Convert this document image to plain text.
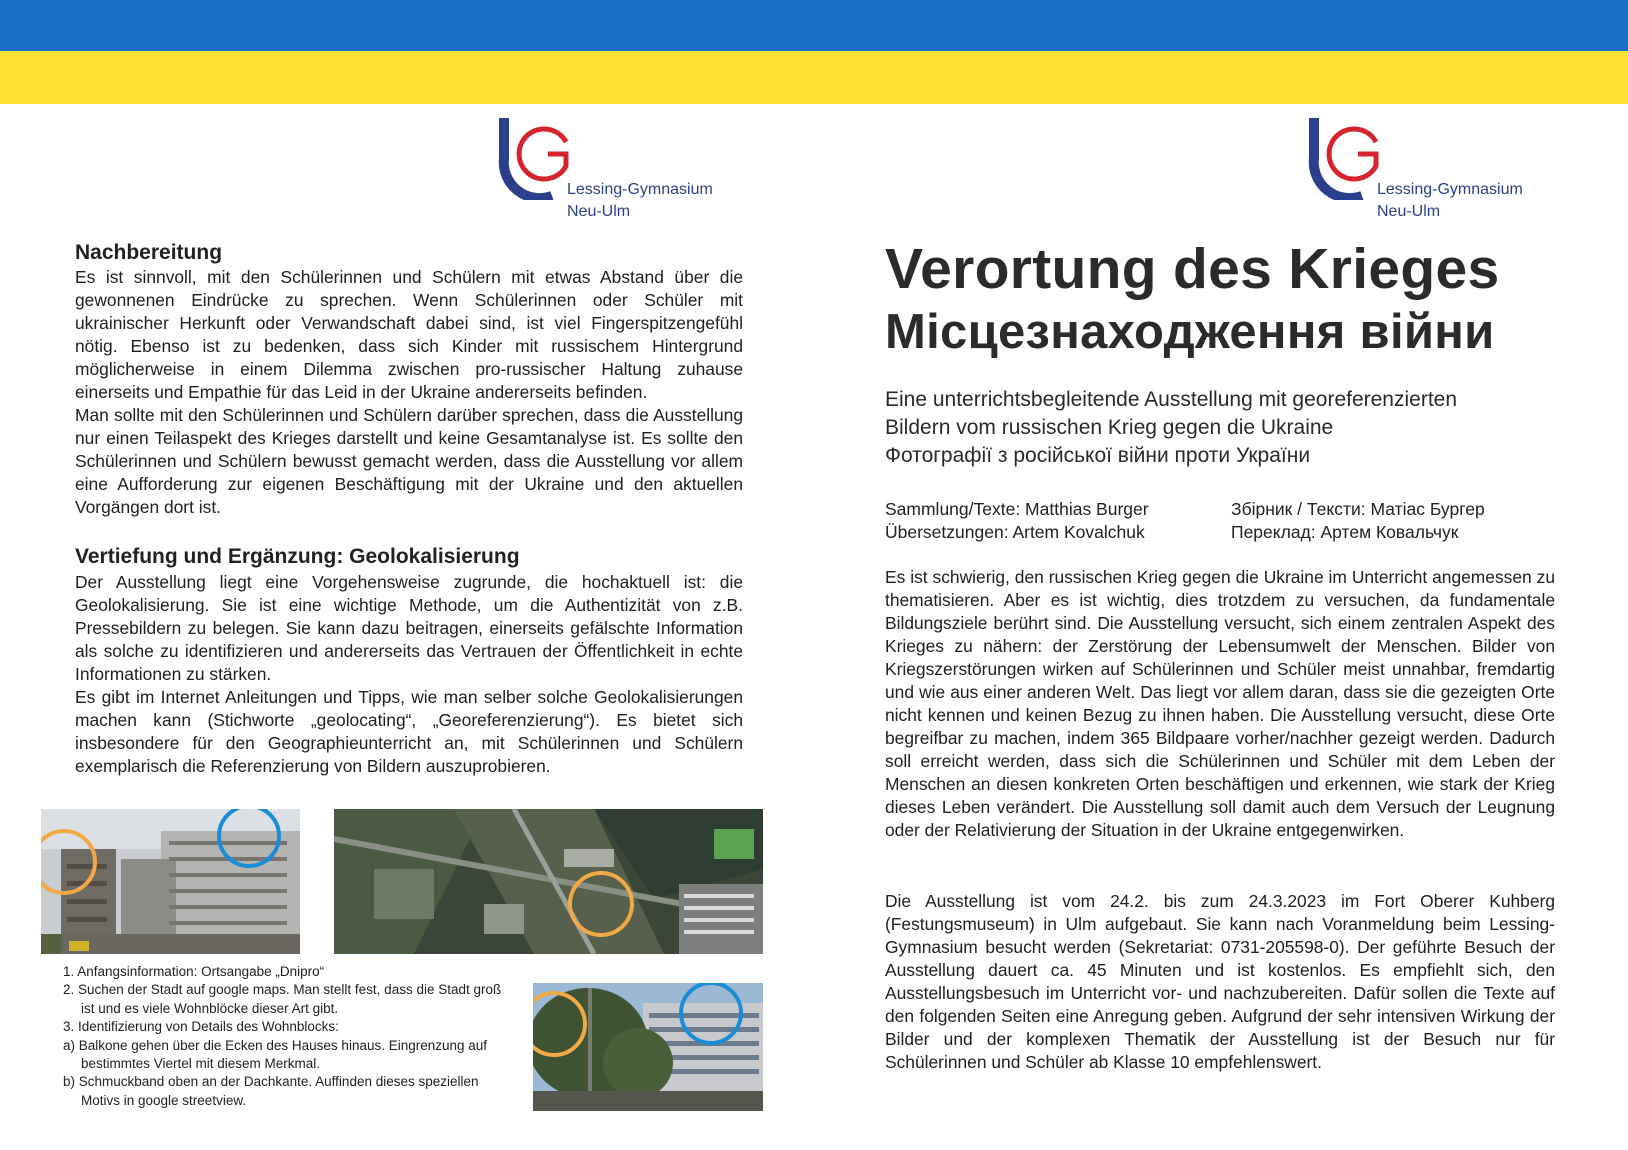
Lessing-Gymnasium
Neu-Ulm
Lessing-Gymnasium
Neu-Ulm
Nachbereitung

Es ist sinnvoll, mit den Schülerinnen und Schülern mit etwas Abstand über die gewonnenen Eindrücke zu sprechen. Wenn Schülerinnen oder Schüler mit ukrainischer Herkunft oder Verwandschaft dabei sind, ist viel Fingerspitzengefühl nötig. Ebenso ist zu bedenken, dass sich Kinder mit russischem Hintergrund möglicherweise in einem Dilemma zwischen pro-russischer Haltung zuhause einerseits und Empathie für das Leid in der Ukraine andererseits befinden.

Man sollte mit den Schülerinnen und Schülern darüber sprechen, dass die Ausstellung nur einen Teilaspekt des Krieges darstellt und keine Gesamtanalyse ist. Es sollte den Schülerinnen und Schülern bewusst gemacht werden, dass die Ausstellung vor allem eine Aufforderung zur eigenen Beschäftigung mit der Ukraine und den aktuellen Vorgängen dort ist.

Vertiefung und Ergänzung: Geolokalisierung

Der Ausstellung liegt eine Vorgehensweise zugrunde, die hochaktuell ist: die Geolokalisierung. Sie ist eine wichtige Methode, um die Authentizität von z.B. Pressebildern zu belegen. Sie kann dazu beitragen, einerseits gefälschte Information als solche zu identifizieren und andererseits das Vertrauen der Öffentlichkeit in echte Informationen zu stärken.

Es gibt im Internet Anleitungen und Tipps, wie man selber solche Geolokalisierungen machen kann (Stichworte „geolocating“, „Georeferenzierung“). Es bietet sich insbesondere für den Geographieunterricht an, mit Schülerinnen und Schülern exemplarisch die Referenzierung von Bildern auszuprobieren.

1. Anfangsinformation: Ortsangabe „Dnipro“
2. Suchen der Stadt auf google maps. Man stellt fest, dass die Stadt groß ist und es viele Wohnblöcke dieser Art gibt.
3. Identifizierung von Details des Wohnblocks:
a) Balkone gehen über die Ecken des Hauses hinaus. Eingrenzung auf bestimmtes Viertel mit diesem Merkmal.
b) Schmuckband oben an der Dachkante. Auffinden dieses speziellen Motivs in google streetview.
Verortung des Krieges
Місцезнаходження війни
Eine unterrichtsbegleitende Ausstellung mit georeferenzierten
Bildern vom russischen Krieg gegen die Ukraine
Фотографії з російської війни проти України
Sammlung/Texte: Matthias Burger
Übersetzungen: Artem Kovalchuk
Збірник / Тексти: Матіас Бургер
Переклад: Артем Ковальчук

Es ist schwierig, den russischen Krieg gegen die Ukraine im Unterricht angemessen zu thematisieren. Aber es ist wichtig, dies trotzdem zu versuchen, da fundamentale Bildungsziele berührt sind. Die Ausstellung versucht, sich einem zentralen Aspekt des Krieges zu nähern: der Zerstörung der Lebensumwelt der Menschen. Bilder von Kriegszerstörungen wirken auf Schülerinnen und Schüler meist unnahbar, fremdartig und wie aus einer anderen Welt. Das liegt vor allem daran, dass sie die gezeigten Orte nicht kennen und keinen Bezug zu ihnen haben. Die Ausstellung versucht, diese Orte begreifbar zu machen, indem 365 Bildpaare vorher/nachher gezeigt werden. Dadurch soll erreicht werden, dass sich die Schülerinnen und Schüler mit dem Leben der Menschen an diesen konkreten Orten beschäftigen und erkennen, wie stark der Krieg dieses Leben verändert. Die Ausstellung soll damit auch dem Versuch der Leugnung oder der Relativierung der Situation in der Ukraine entgegenwirken.

Die Ausstellung ist vom 24.2. bis zum 24.3.2023 im Fort Oberer Kuhberg (Festungsmuseum) in Ulm aufgebaut. Sie kann nach Voranmeldung beim Lessing-Gymnasium besucht werden (Sekretariat: 0731-205598-0). Der geführte Besuch der Ausstellung dauert ca. 45 Minuten und ist kostenlos. Es empfiehlt sich, den Ausstellungsbesuch im Unterricht vor- und nachzubereiten. Dafür sollen die Texte auf den folgenden Seiten eine Anregung geben. Aufgrund der sehr intensiven Wirkung der Bilder und der komplexen Thematik der Ausstellung ist der Besuch nur für Schülerinnen und Schüler ab Klasse 10 empfehlenswert.
